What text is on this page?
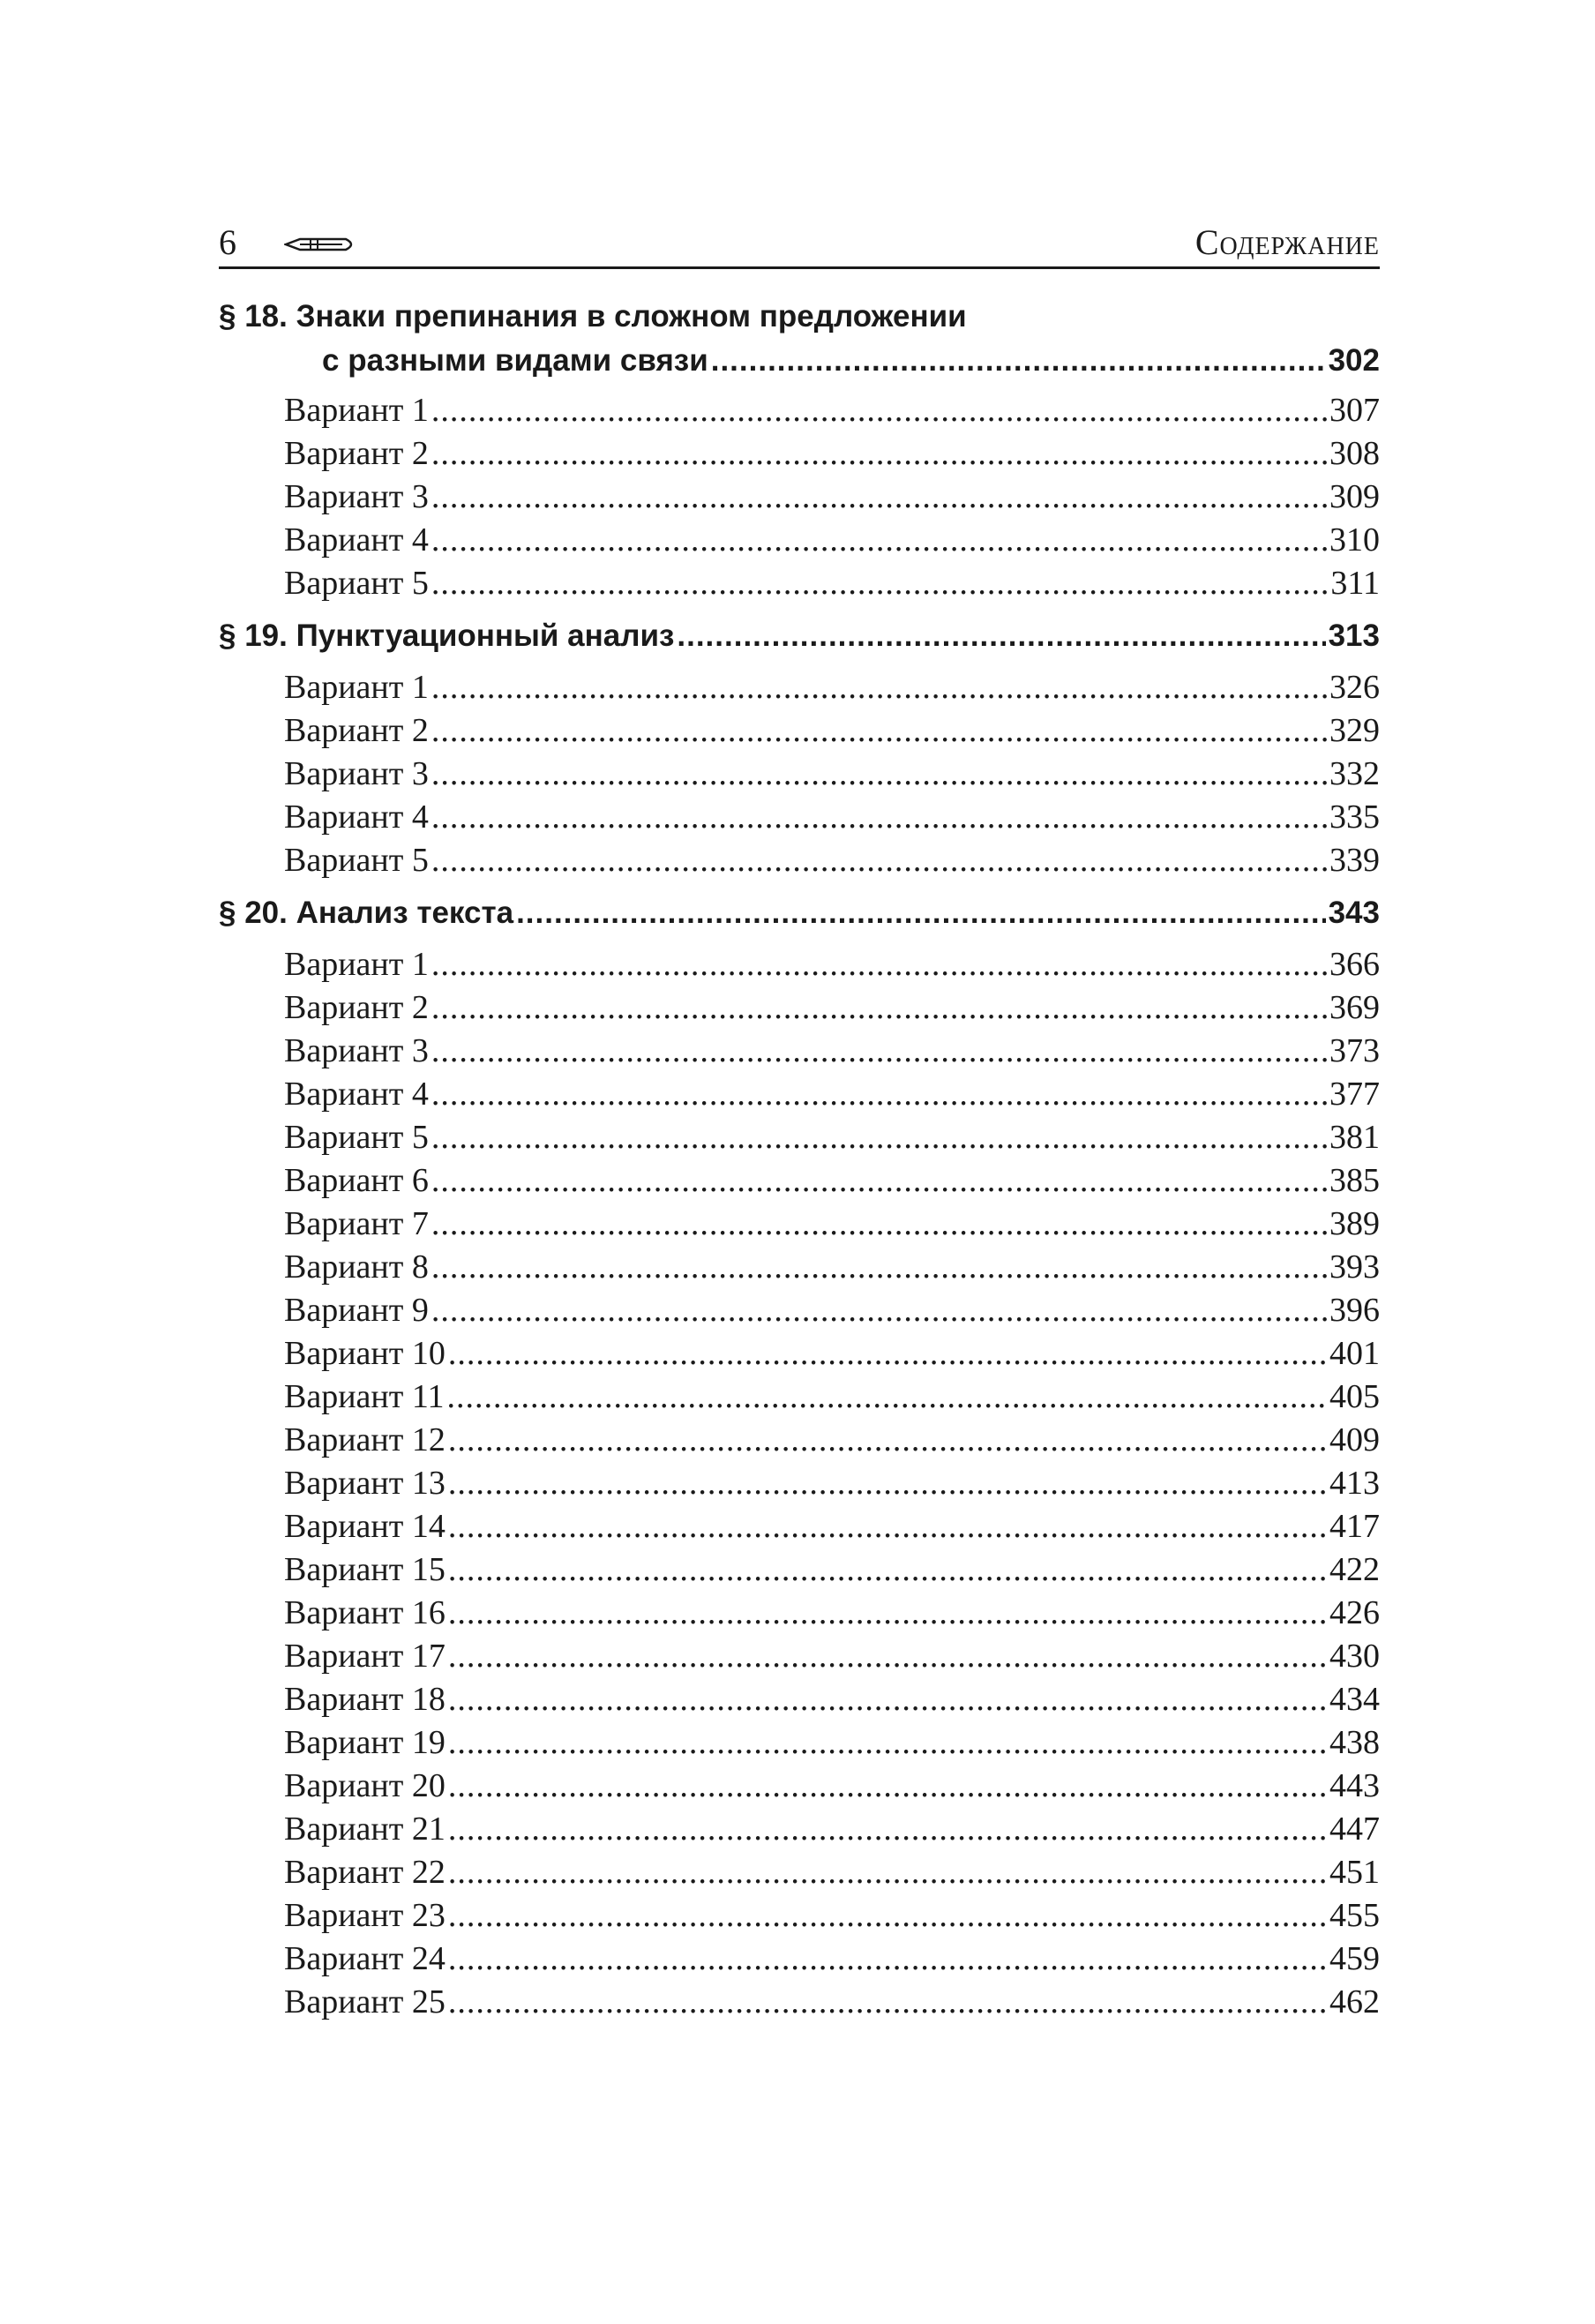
6	Содержание
§ 18. Знаки препинания в сложном предложении
с разными видами связи .....	302
Вариант 1 .....	307
Вариант 2 .....	308
Вариант 3 .....	309
Вариант 4 .....	310
Вариант 5 .....	311
§ 19. Пунктуационный анализ .....	313
Вариант 1 .....	326
Вариант 2 .....	329
Вариант 3 .....	332
Вариант 4 .....	335
Вариант 5 .....	339
§ 20. Анализ текста .....	343
Вариант 1 .....	366
Вариант 2 .....	369
Вариант 3 .....	373
Вариант 4 .....	377
Вариант 5 .....	381
Вариант 6 .....	385
Вариант 7 .....	389
Вариант 8 .....	393
Вариант 9 .....	396
Вариант 10 .....	401
Вариант 11 .....	405
Вариант 12 .....	409
Вариант 13 .....	413
Вариант 14 .....	417
Вариант 15 .....	422
Вариант 16 .....	426
Вариант 17 .....	430
Вариант 18 .....	434
Вариант 19 .....	438
Вариант 20 .....	443
Вариант 21 .....	447
Вариант 22 .....	451
Вариант 23 .....	455
Вариант 24 .....	459
Вариант 25 .....	462
